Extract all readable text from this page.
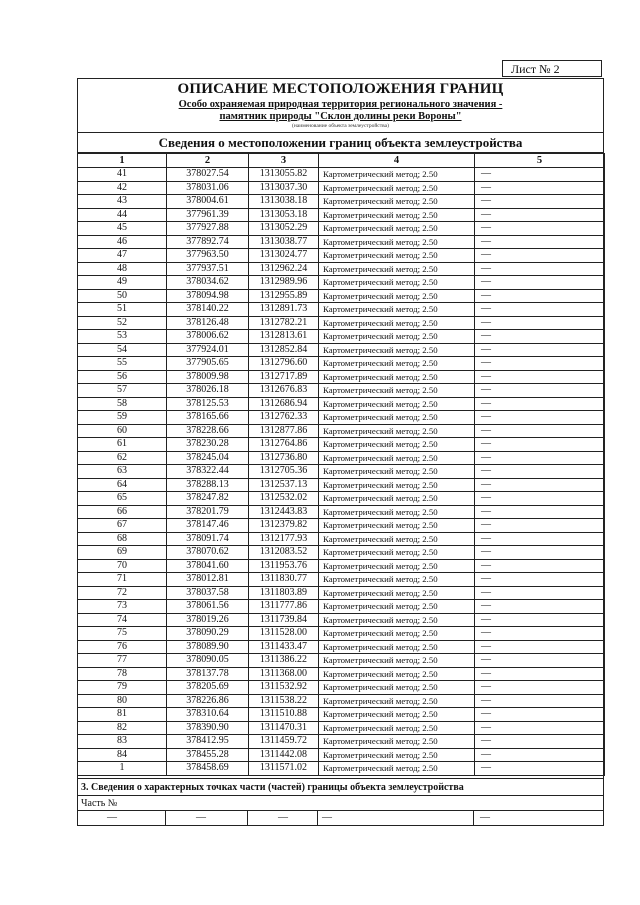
Лист № 2
ОПИСАНИЕ МЕСТОПОЛОЖЕНИЯ ГРАНИЦ
Особо охраняемая природная территория регионального значения -
памятник природы "Склон долины реки Вороны"
(наименование объекта землеустройства)
Сведения о местоположении границ объекта землеустройства
1	2	3	4	5
41	378027.54	1313055.82	Картометрический метод; 2.50	—
42	378031.06	1313037.30	Картометрический метод; 2.50	—
43	378004.61	1313038.18	Картометрический метод; 2.50	—
44	377961.39	1313053.18	Картометрический метод; 2.50	—
45	377927.88	1313052.29	Картометрический метод; 2.50	—
46	377892.74	1313038.77	Картометрический метод; 2.50	—
47	377963.50	1313024.77	Картометрический метод; 2.50	—
48	377937.51	1312962.24	Картометрический метод; 2.50	—
49	378034.62	1312989.96	Картометрический метод; 2.50	—
50	378094.98	1312955.89	Картометрический метод; 2.50	—
51	378140.22	1312891.73	Картометрический метод; 2.50	—
52	378126.48	1312782.21	Картометрический метод; 2.50	—
53	378006.62	1312813.61	Картометрический метод; 2.50	—
54	377924.01	1312852.84	Картометрический метод; 2.50	—
55	377905.65	1312796.60	Картометрический метод; 2.50	—
56	378009.98	1312717.89	Картометрический метод; 2.50	—
57	378026.18	1312676.83	Картометрический метод; 2.50	—
58	378125.53	1312686.94	Картометрический метод; 2.50	—
59	378165.66	1312762.33	Картометрический метод; 2.50	—
60	378228.66	1312877.86	Картометрический метод; 2.50	—
61	378230.28	1312764.86	Картометрический метод; 2.50	—
62	378245.04	1312736.80	Картометрический метод; 2.50	—
63	378322.44	1312705.36	Картометрический метод; 2.50	—
64	378288.13	1312537.13	Картометрический метод; 2.50	—
65	378247.82	1312532.02	Картометрический метод; 2.50	—
66	378201.79	1312443.83	Картометрический метод; 2.50	—
67	378147.46	1312379.82	Картометрический метод; 2.50	—
68	378091.74	1312177.93	Картометрический метод; 2.50	—
69	378070.62	1312083.52	Картометрический метод; 2.50	—
70	378041.60	1311953.76	Картометрический метод; 2.50	—
71	378012.81	1311830.77	Картометрический метод; 2.50	—
72	378037.58	1311803.89	Картометрический метод; 2.50	—
73	378061.56	1311777.86	Картометрический метод; 2.50	—
74	378019.26	1311739.84	Картометрический метод; 2.50	—
75	378090.29	1311528.00	Картометрический метод; 2.50	—
76	378089.90	1311433.47	Картометрический метод; 2.50	—
77	378090.05	1311386.22	Картометрический метод; 2.50	—
78	378137.78	1311368.00	Картометрический метод; 2.50	—
79	378205.69	1311532.92	Картометрический метод; 2.50	—
80	378226.86	1311538.22	Картометрический метод; 2.50	—
81	378310.64	1311510.88	Картометрический метод; 2.50	—
82	378390.90	1311470.31	Картометрический метод; 2.50	—
83	378412.95	1311459.72	Картометрический метод; 2.50	—
84	378455.28	1311442.08	Картометрический метод; 2.50	—
1	378458.69	1311571.02	Картометрический метод; 2.50	—
3. Сведения о характерных точках части (частей) границы объекта землеустройства
Часть №
—	—	—	—	—
